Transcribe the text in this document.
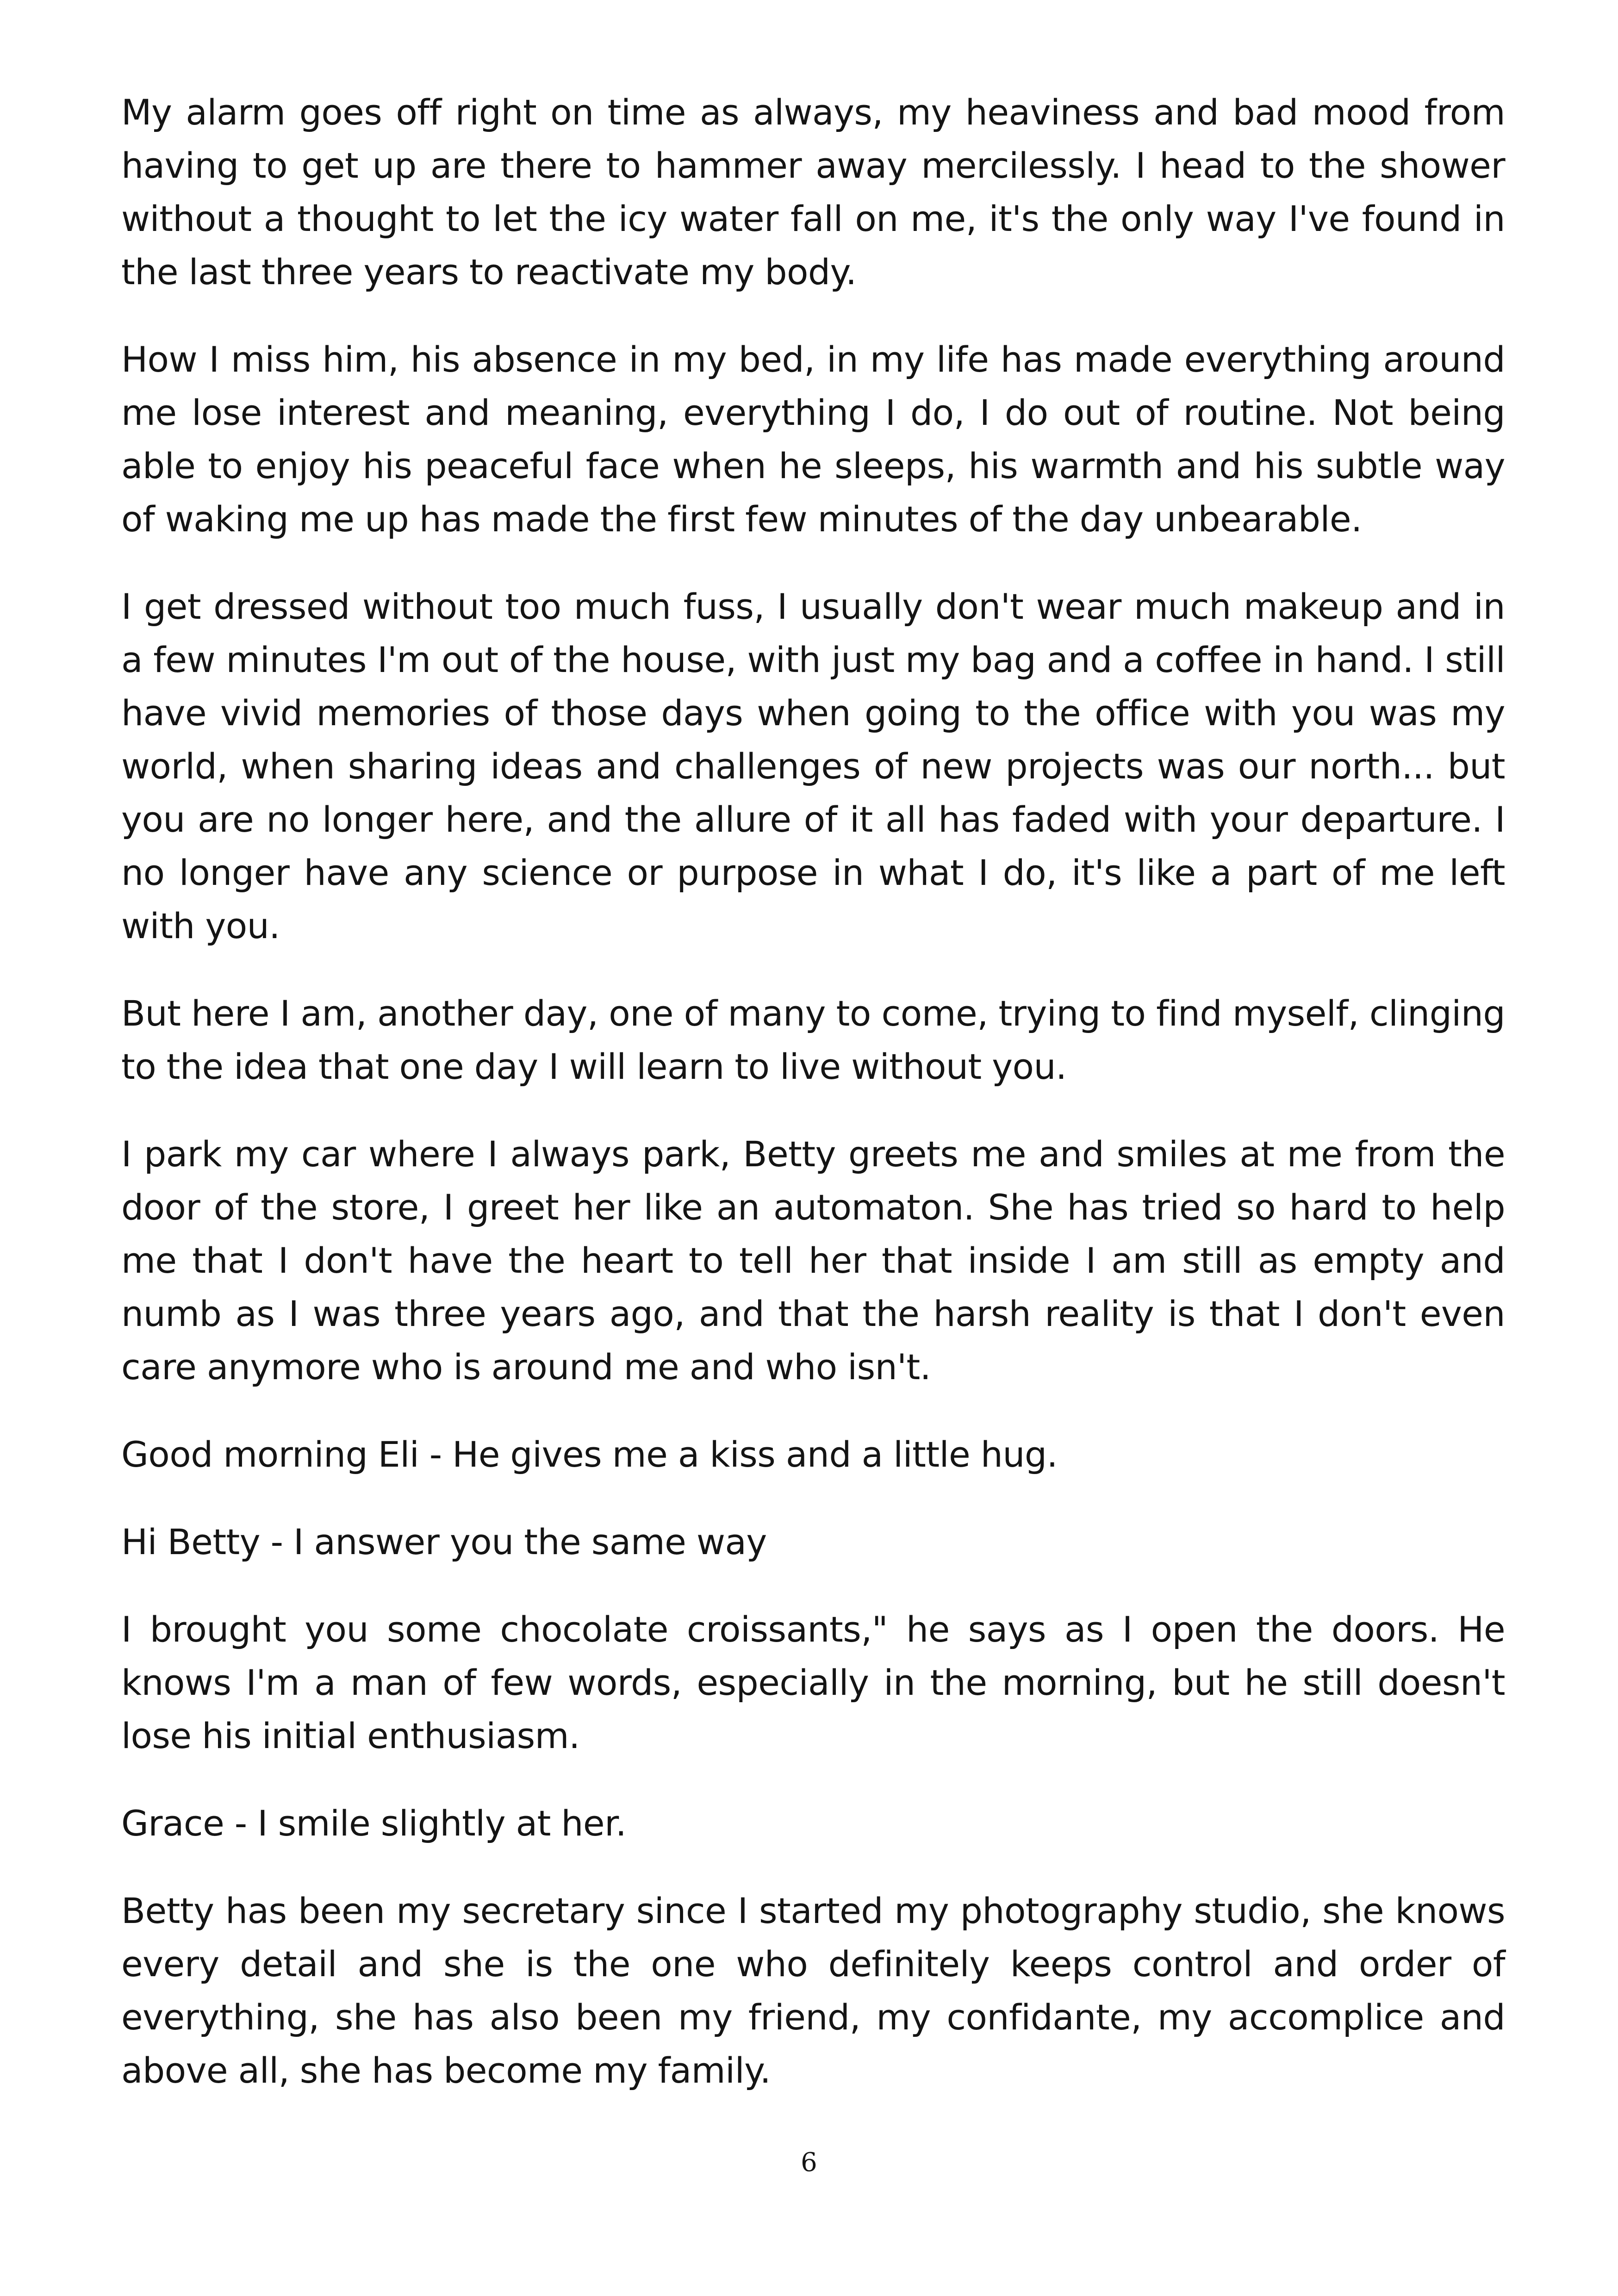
My alarm goes off right on time as always, my heaviness and bad mood from having to get up are there to hammer away mercilessly. I head to the shower without a thought to let the icy water fall on me, it's the only way I've found in the last three years to reactivate my body.

How I miss him, his absence in my bed, in my life has made everything around me lose interest and meaning, everything I do, I do out of routine. Not being able to enjoy his peaceful face when he sleeps, his warmth and his subtle way of waking me up has made the first few minutes of the day unbearable.

I get dressed without too much fuss, I usually don't wear much makeup and in a few minutes I'm out of the house, with just my bag and a coffee in hand. I still have vivid memories of those days when going to the office with you was my world, when sharing ideas and challenges of new projects was our north... but you are no longer here, and the allure of it all has faded with your departure. I no longer have any science or purpose in what I do, it's like a part of me left with you.

But here I am, another day, one of many to come, trying to find myself, clinging to the idea that one day I will learn to live without you.

I park my car where I always park, Betty greets me and smiles at me from the door of the store, I greet her like an automaton. She has tried so hard to help me that I don't have the heart to tell her that inside I am still as empty and numb as I was three years ago, and that the harsh reality is that I don't even care anymore who is around me and who isn't.

Good morning Eli - He gives me a kiss and a little hug.

Hi Betty - I answer you the same way

I brought you some chocolate croissants," he says as I open the doors. He knows I'm a man of few words, especially in the morning, but he still doesn't lose his initial enthusiasm.

Grace - I smile slightly at her.

Betty has been my secretary since I started my photography studio, she knows every detail and she is the one who definitely keeps control and order of everything, she has also been my friend, my confidante, my accomplice and above all, she has become my family.

6
